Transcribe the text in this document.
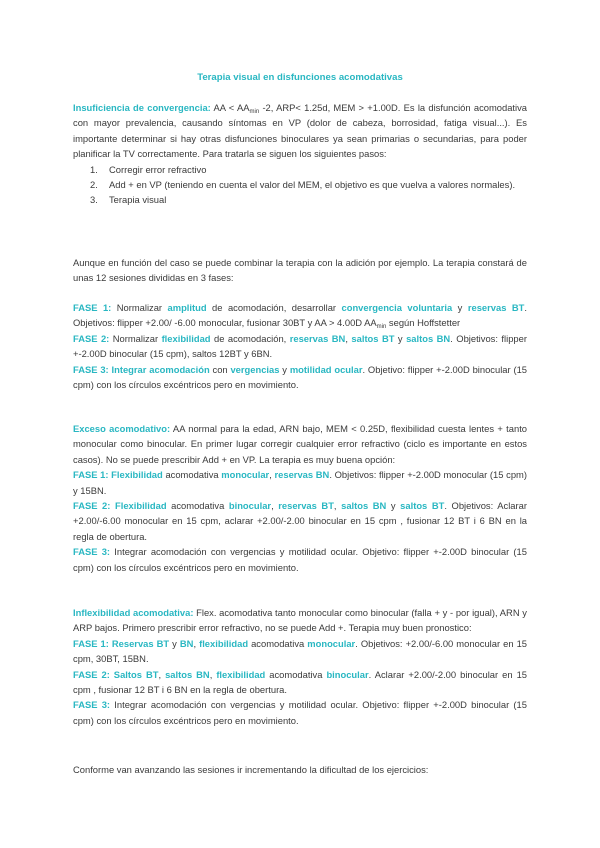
Terapia visual en disfunciones acomodativas

Insuficiencia de convergencia: AA < $AA_{min}$ -2, ARP< 1.25d, MEM > +1.00D. Es la disfunción acomodativa con mayor prevalencia, causando síntomas en VP (dolor de cabeza, borrosidad, fatiga visual...). Es importante determinar si hay otras disfunciones binoculares ya sean primarias o secundarias, para poder planificar la TV correctamente. Para tratarla se siguen los siguientes pasos:

1. Corregir error refractivo
2. Add + en VP (teniendo en cuenta el valor del MEM, el objetivo es que vuelva a valores normales).
3. Terapia visual
Aunque en función del caso se puede combinar la terapia con la adición por ejemplo. La terapia constará de unas 12 sesiones divididas en 3 fases:
FASE 1: Normalizar amplitud de acomodación, desarrollar convergencia voluntaria y reservas BT. Objetivos: flipper +2.00/ -6.00 monocular, fusionar 30BT y AA > 4.00D $AA_{min}$ según Hoffstetter
FASE 2: Normalizar flexibilidad de acomodación, reservas BN, saltos BT y saltos BN. Objetivos: flipper +-2.00D binocular (15 cpm), saltos 12BT y 6BN.
FASE 3: Integrar acomodación con vergencias y motilidad ocular. Objetivo: flipper +-2.00D binocular (15 cpm) con los círculos excéntricos pero en movimiento.
Exceso acomodativo: AA normal para la edad, ARN bajo, MEM < 0.25D, flexibilidad cuesta lentes + tanto monocular como binocular. En primer lugar corregir cualquier error refractivo (ciclo es importante en estos casos). No se puede prescribir Add + en VP. La terapia es muy buena opción:
FASE 1: Flexibilidad acomodativa monocular, reservas BN. Objetivos: flipper +-2.00D monocular (15 cpm) y 15BN.
FASE 2: Flexibilidad acomodativa binocular, reservas BT, saltos BN y saltos BT. Objetivos: Aclarar +2.00/-6.00 monocular en 15 cpm, aclarar +2.00/-2.00 binocular en 15 cpm , fusionar 12 BT i 6 BN en la regla de obertura.
FASE 3: Integrar acomodación con vergencias y motilidad ocular. Objetivo: flipper +-2.00D binocular (15 cpm) con los círculos excéntricos pero en movimiento.
Inflexibilidad acomodativa: Flex. acomodativa tanto monocular como binocular (falla + y - por igual), ARN y ARP bajos. Primero prescribir error refractivo, no se puede Add +. Terapia muy buen pronostico:
FASE 1: Reservas BT y BN, flexibilidad acomodativa monocular. Objetivos: +2.00/-6.00 monocular en 15 cpm, 30BT, 15BN.
FASE 2: Saltos BT, saltos BN, flexibilidad acomodativa binocular. Aclarar +2.00/-2.00 binocular en 15 cpm , fusionar 12 BT i 6 BN en la regla de obertura.
FASE 3: Integrar acomodación con vergencias y motilidad ocular. Objetivo: flipper +-2.00D binocular (15 cpm) con los círculos excéntricos pero en movimiento.
Conforme van avanzando las sesiones ir incrementando la dificultad de los ejercicios:
